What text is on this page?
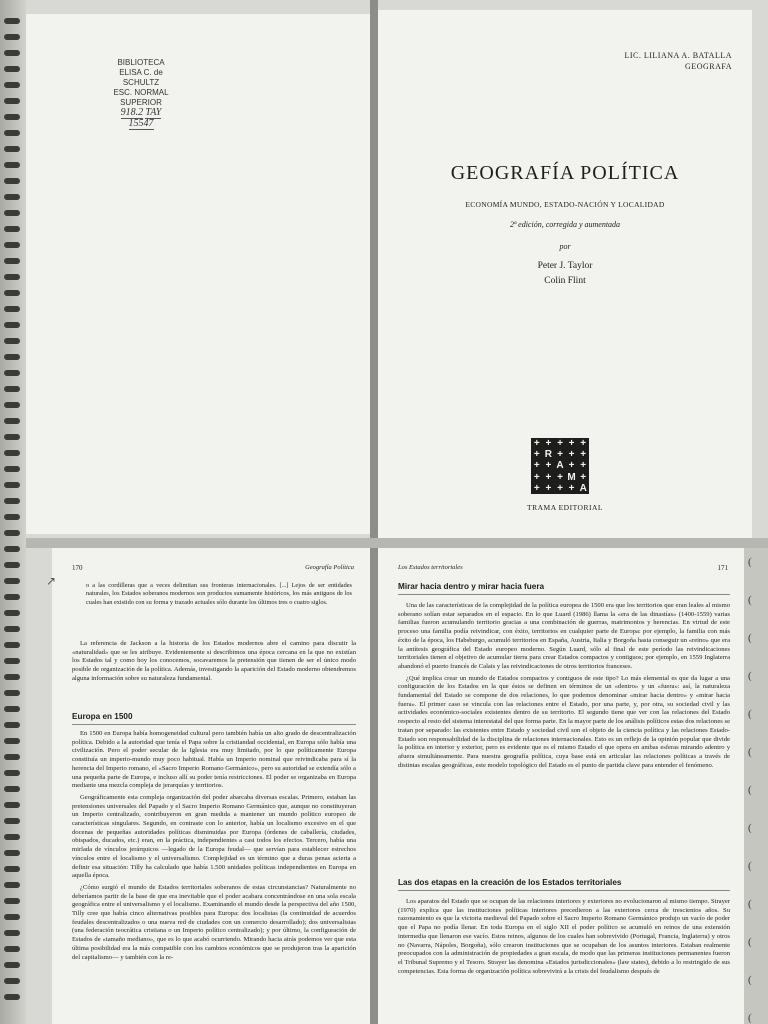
BIBLIOTECA
ELISA C. de
SCHULTZ
ESC. NORMAL
SUPERIOR
918.2 TAY
15547
LIC. LILIANA A. BATALLA
GEOGRAFA
GEOGRAFÍA POLÍTICA
ECONOMÍA MUNDO, ESTADO-NACIÓN Y LOCALIDAD
2ª edición, corregida y aumentada
por
Peter J. Taylor
Colin Flint
+ + + + +
+ R + + +
+ + A + +
+ + + M +
+ + + + A
TRAMA EDITORIAL
170	Geografía Política
o a las cordilleras que a veces delimitan sus fronteras internacionales. [...] Lejos de ser entidades naturales, los Estados soberanos modernos son productos sumamente históricos, los más antiguos de los cuales han existido con su forma y trazado actuales sólo durante los últimos tres o cuatro siglos.

La referencia de Jackson a la historia de los Estados modernos abre el camino para discutir la «naturalidad» que se les atribuye. Evidentemente si describimos una época cercana en la que no existían los Estados tal y como hoy los conocemos, socavaremos la pretensión que tienen de ser el único modo posible de organización de la política. Además, investigando la aparición del Estado moderno obtendremos alguna información sobre su naturaleza fundamental.

Europa en 1500

En 1500 en Europa había homogeneidad cultural pero también había un alto grado de descentralización política. Debido a la autoridad que tenía el Papa sobre la cristiandad occidental, en Europa sólo había una civilización. Pero el poder secular de la Iglesia era muy limitado, por lo que políticamente Europa constituía un imperio-mundo muy poco habitual. Había un Imperio nominal que reivindicaba para sí la herencia del Imperio romano, el «Sacro Imperio Romano Germánico», pero su autoridad se extendía sólo a una pequeña parte de Europa, e incluso allí su poder tenía restricciones. El poder se organizaba en Europa mediante una mezcla compleja de jerarquías y territorios.

Geográficamente esta compleja organización del poder abarcaba diversas escalas. Primero, estaban las pretensiones universales del Papado y el Sacro Imperio Romano Germánico que, aunque no constituyeran un Imperio centralizado, contribuyeron en gran medida a mantener un mundo político europeo de características singulares. Segundo, en contraste con lo anterior, había un localismo excesivo en el que docenas de pequeñas autoridades políticas disminuidas por Europa (órdenes de caballería, ciudades, obispados, ducados, etc.) eran, en la práctica, independientes a casi todos los efectos. Tercero, había una mirlada de vínculos jerárquicos —legado de la Europa feudal— que servían para establecer estrechos vínculos entre el localismo y el universalismo. Complejidad es un término que a duras penas acierta a definir esa situación: Tilly ha calculado que había 1.500 unidades políticas independientes en Europa en aquella época.

¿Cómo surgió el mundo de Estados territoriales soberanos de estas circunstancias? Naturalmente no deberíamos partir de la base de que era inevitable que el poder acabara concentrándose en una sola escala geográfica entre el universalismo y el localismo. Examinando el mundo desde la perspectiva del año 1500, Tilly cree que había cinco alternativas posibles para Europa: dos localistas (la continuidad de acuerdos feudales descentralizados o una nueva red de ciudades con un comercio desarrollado); dos universalistas (una federación teocrática cristiana o un Imperio político centralizado); y por último, la configuración de Estados de «tamaño mediano», que es lo que acabó ocurriendo. Mirando hacia atrás podemos ver que esta última posibilidad era la más compatible con los cambios económicos que se produjeron tras la aparición del capitalismo— y también con la re-

↗
Los Estados territoriales	171
Mirar hacia dentro y mirar hacia fuera

Una de las características de la complejidad de la política europea de 1500 era que los territorios que eran leales al mismo soberano solían estar separados en el espacio. En lo que Luard (1986) llama la «era de las dinastías» (1400-1559) varias familias fueron acumulando territorio gracias a una combinación de guerras, matrimonios y herencias. En virtud de este proceso una familia podía reivindicar, con éxito, territorios en cualquier parte de Europa: por ejemplo, la familia con más éxito de la época, los Habsburgo, acumuló territorios en España, Austria, Italia y Borgoña hasta conseguir un «reino» que era la antítesis geográfica del Estado europeo moderno. Según Luard, sólo al final de este período las reivindicaciones territoriales tienen el objetivo de acumular tierra para crear Estados compactos y contiguos; por ejemplo, en 1559 Inglaterra abandonó el puerto francés de Calais y las reivindicaciones de otros territorios franceses.

¿Qué implica crear un mundo de Estados compactos y contiguos de este tipo? Lo más elemental es que da lugar a una configuración de los Estados en la que éstos se definen en términos de un «dentro» y un «fuera»: así, la naturaleza fundamental del Estado se compone de dos relaciones, lo que podemos denominar «mirar hacia dentro» y «mirar hacia fuera». El primer caso se vincula con las relaciones entre el Estado, por una parte, y, por otra, su sociedad civil y las actividades económico-sociales existentes dentro de su territorio. El segundo tiene que ver con las relaciones del Estado respecto al resto del sistema interestatal del que forma parte. En la mayor parte de los análisis políticos estas dos relaciones se tratan por separado: las existentes entre Estado y sociedad civil son el objeto de la ciencia política y las relaciones Estado-Estado son responsabilidad de la disciplina de relaciones internacionales. Esto es un reflejo de la opinión popular que divide la política en interior y exterior, pero es evidente que es el mismo Estado el que opera en ambas esferas mirando adentro y afuera simultáneamente. Para nuestra geografía política, cuya base está en articular las relaciones políticas a través de distintas escalas geográficas, este modelo topológico del Estado es el punto de partida clave para entender el fenómeno.

Las dos etapas en la creación de los Estados territoriales

Los aparatos del Estado que se ocupan de las relaciones interiores y exteriores no evolucionaron al mismo tiempo. Strayer (1970) explica que las instituciones políticas interiores precedieron a las exteriores cerca de trescientos años. Su razonamiento es que la victoria medieval del Papado sobre el Sacro Imperio Romano Germánico produjo un vacío de poder que el Papa no podía llenar. En toda Europa en el siglo XII el poder político se acumuló en reinos de una extensión intermedia que llenaron ese vacío. Estos reinos, algunos de los cuales han sobrevivido (Portugal, Francia, Inglaterra) y otros no (Navarra, Nápoles, Borgoña), sólo crearon instituciones que se ocupaban de los asuntos interiores. Estaban realmente preocupados con la administración de propiedades a gran escala, de modo que las primeras instituciones permanentes fueron el Tribunal Supremo y el Tesoro. Strayer las denomina «Estados jurisdiccionales» (law states), debido a lo restringido de sus competencias. Esta forma de organización política sobrevivirá a la crisis del feudalismo después de

(
(
(
(
(
(
(
(
(
(
(
(
(
